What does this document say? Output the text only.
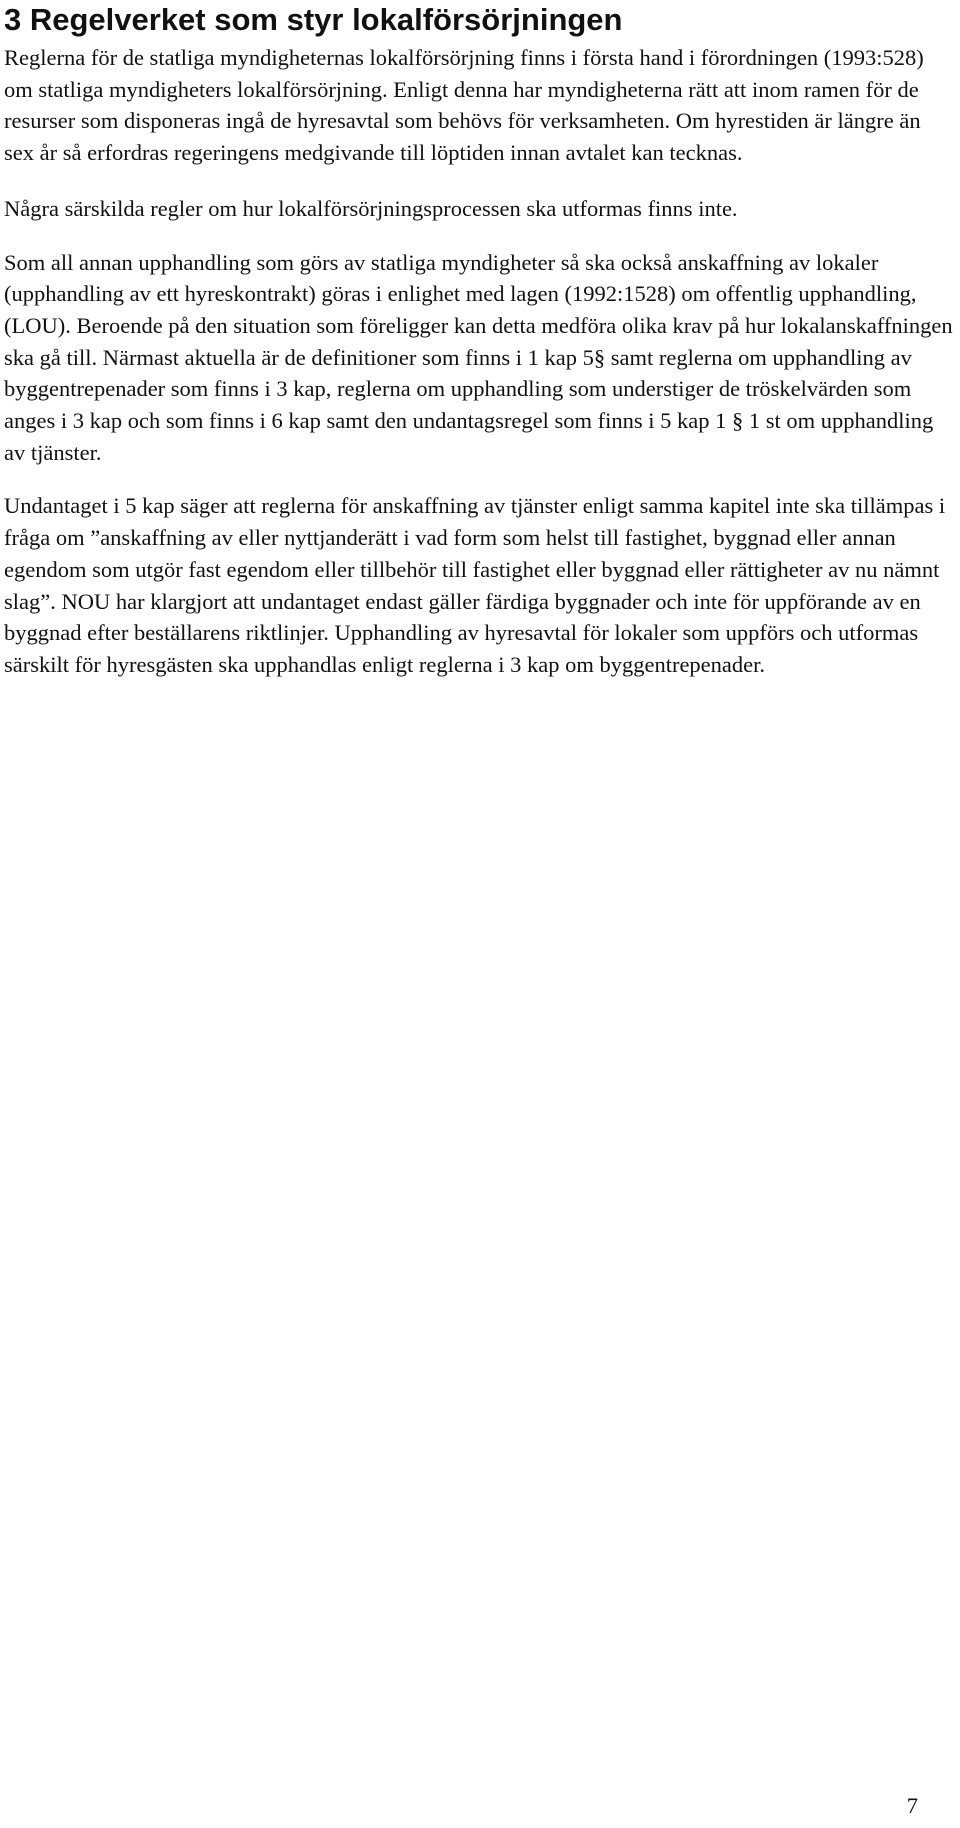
3 Regelverket som styr lokalförsörjningen

Reglerna för de statliga myndigheternas lokalförsörjning finns i första hand i förordningen (1993:528) om statliga myndigheters lokalförsörjning. Enligt denna har myndigheterna rätt att inom ramen för de resurser som disponeras ingå de hyresavtal som behövs för verksamheten. Om hyrestiden är längre än sex år så erfordras regeringens medgivande till löptiden innan avtalet kan tecknas.

Några särskilda regler om hur lokalförsörjningsprocessen ska utformas finns inte.

Som all annan upphandling som görs av statliga myndigheter så ska också anskaffning av lokaler (upphandling av ett hyreskontrakt) göras i enlighet med lagen (1992:1528) om offentlig upphandling, (LOU). Beroende på den situation som föreligger kan detta medföra olika krav på hur lokalanskaffningen ska gå till. Närmast aktuella är de definitioner som finns i 1 kap 5§ samt reglerna om upphandling av byggentrepenader som finns i 3 kap, reglerna om upphandling som understiger de tröskelvärden som anges i 3 kap och som finns i 6 kap samt den undantagsregel som finns i 5 kap 1 § 1 st om upphandling av tjänster.

Undantaget i 5 kap säger att reglerna för anskaffning av tjänster enligt samma kapitel inte ska tillämpas i fråga om ”anskaffning av eller nyttjanderätt i vad form som helst till fastighet, byggnad eller annan egendom som utgör fast egendom eller tillbehör till fastighet eller byggnad eller rättigheter av nu nämnt slag”. NOU har klargjort att undantaget endast gäller färdiga byggnader och inte för uppförande av en byggnad efter beställarens riktlinjer. Upphandling av hyresavtal för lokaler som uppförs och utformas särskilt för hyresgästen ska upphandlas enligt reglerna i 3 kap om byggentrepenader.

7
